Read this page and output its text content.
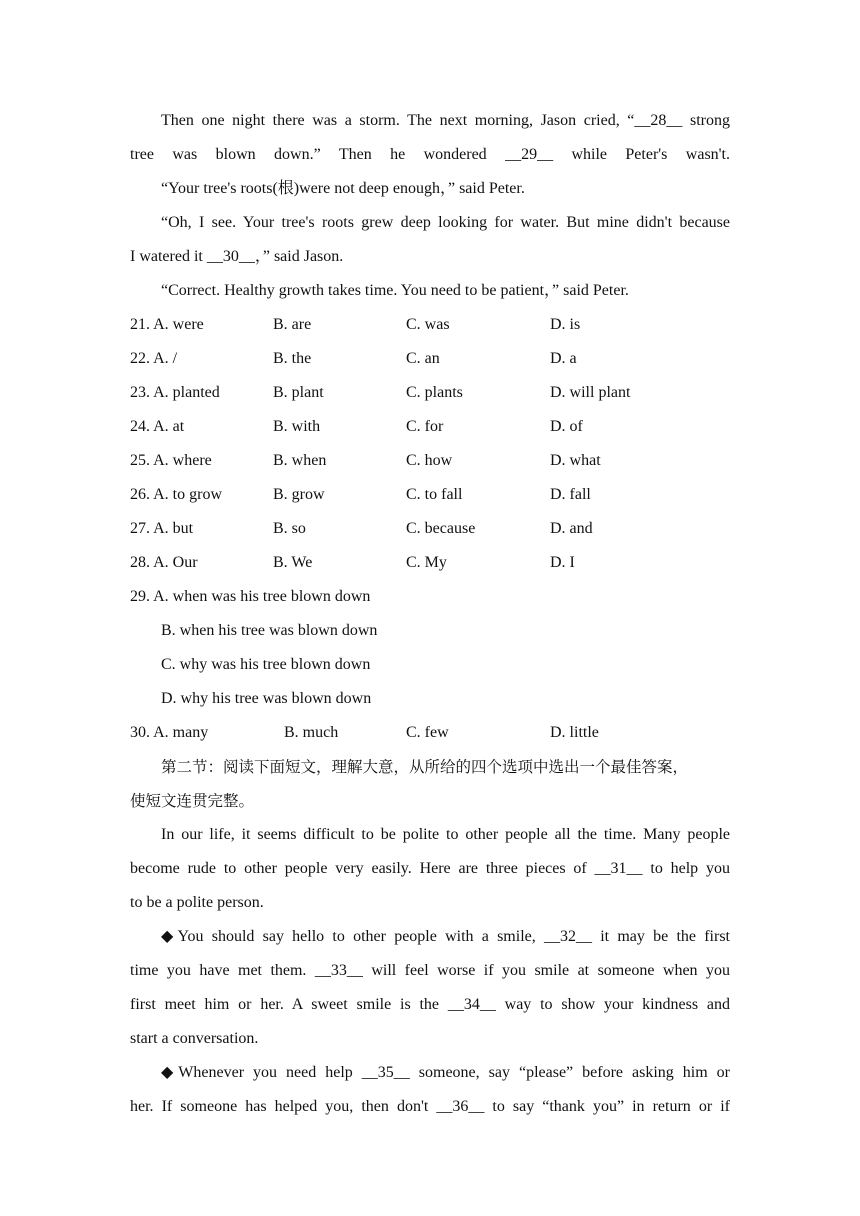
Then one night there was a storm. The next morning, Jason cried, “__28__ strong
tree was blown down.” Then he wondered __29__ while Peter's wasn't.
“Your tree's roots(根)were not deep enough，” said Peter.
“Oh, I see. Your tree's roots grew deep looking for water. But mine didn't because
I watered it __30__，” said Jason.
“Correct. Healthy growth takes time. You need to be patient，” said Peter.
21. A. were	B. are	C. was	D. is
22. A. /	B. the	C. an	D. a
23. A. planted	B. plant	C. plants	D. will plant
24. A. at	B. with	C. for	D. of
25. A. where	B. when	C. how	D. what
26. A. to grow	B. grow	C. to fall	D. fall
27. A. but	B. so	C. because	D. and
28. A. Our	B. We	C. My	D. I
29. A. when was his tree blown down
B. when his tree was blown down
C. why was his tree blown down
D. why his tree was blown down
30. A. many	B. much	C. few	D. little
第二节：阅读下面短文，理解大意，从所给的四个选项中选出一个最佳答案，
使短文连贯完整。
In our life, it seems difficult to be polite to other people all the time. Many people
become rude to other people very easily. Here are three pieces of __31__ to help you
to be a polite person.
◆You should say hello to other people with a smile, __32__ it may be the first
time you have met them. __33__ will feel worse if you smile at someone when you
first meet him or her. A sweet smile is the __34__ way to show your kindness and
start a conversation.
◆Whenever you need help __35__ someone, say “please” before asking him or
her. If someone has helped you, then don't __36__ to say “thank you” in return or if
